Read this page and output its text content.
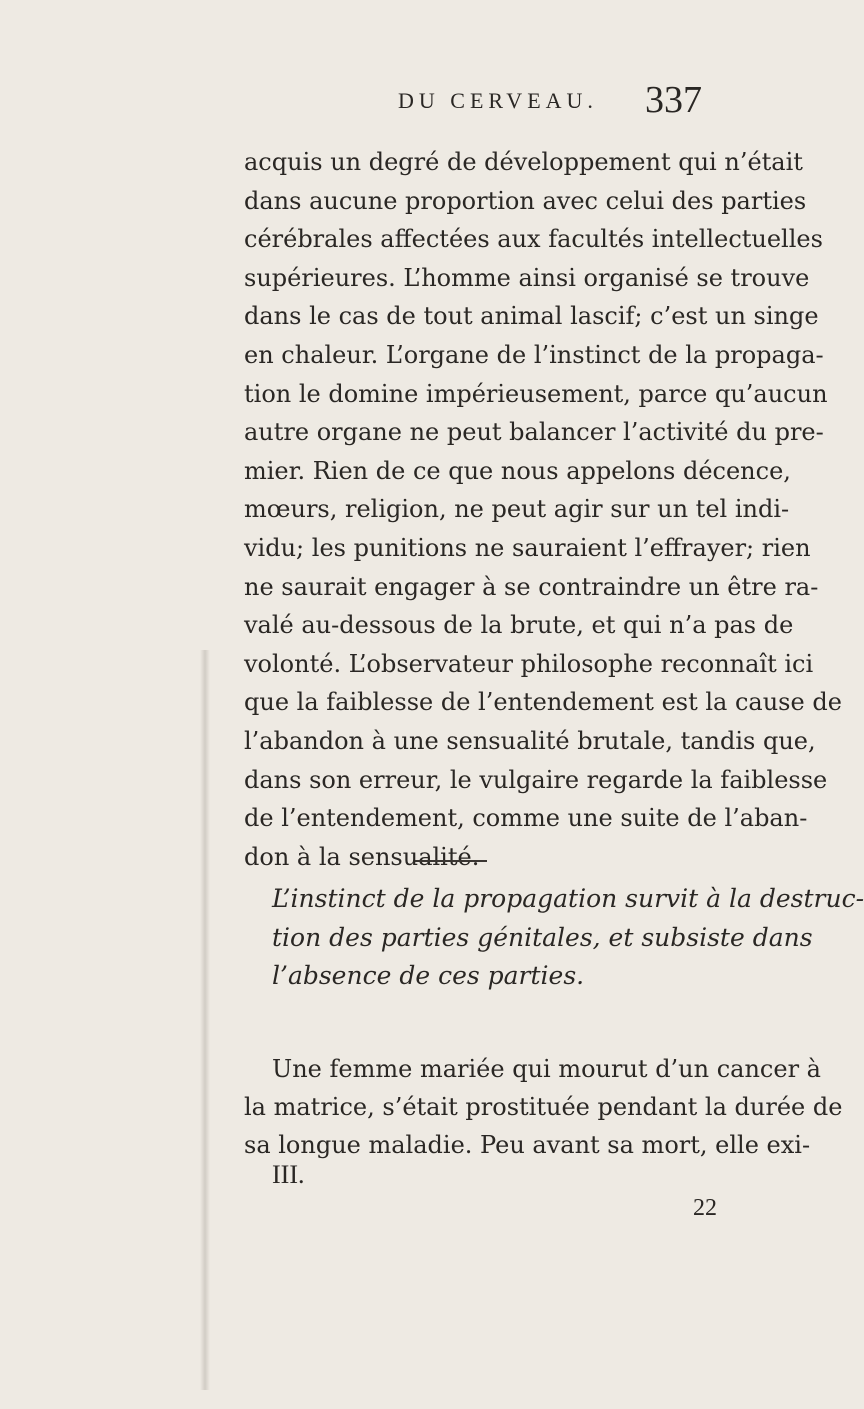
DU CERVEAU. 337

acquis un degré de développement qui n’était
dans aucune proportion avec celui des parties
cérébrales affectées aux facultés intellectuelles
supérieures. L’homme ainsi organisé se trouve
dans le cas de tout animal lascif; c’est un singe
en chaleur. L’organe de l’instinct de la propaga-
tion le domine impérieusement, parce qu’aucun
autre organe ne peut balancer l’activité du pre-
mier. Rien de ce que nous appelons décence,
mœurs, religion, ne peut agir sur un tel indi-
vidu; les punitions ne sauraient l’effrayer; rien
ne saurait engager à se contraindre un être ra-
valé au-dessous de la brute, et qui n’a pas de
volonté. L’observateur philosophe reconnaît ici
que la faiblesse de l’entendement est la cause de
l’abandon à une sensualité brutale, tandis que,
dans son erreur, le vulgaire regarde la faiblesse
de l’entendement, comme une suite de l’aban-
don à la sensualité.

L’instinct de la propagation survit à la destruc-
tion des parties génitales, et subsiste dans
l’absence de ces parties.

Une femme mariée qui mourut d’un cancer à
la matrice, s’était prostituée pendant la durée de
sa longue maladie. Peu avant sa mort, elle exi-

III.
22
